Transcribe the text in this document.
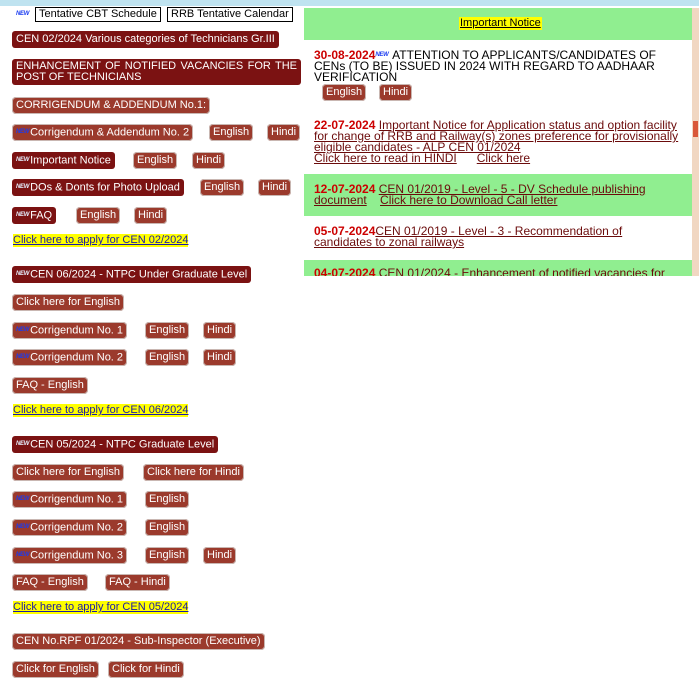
NEW Tentative CBT Schedule	RRB Tentative Calendar
CEN 02/2024 Various categories of Technicians Gr.III
ENHANCEMENT OF NOTIFIED VACANCIES FOR THE POST OF TECHNICIANS
CORRIGENDUM & ADDENDUM No.1:
NEWCorrigendum & Addendum No. 2	English	Hindi
NEWImportant Notice	English	Hindi
NEWDOs & Donts for Photo Upload	English	Hindi
NEWFAQ	English	Hindi
Click here to apply for CEN 02/2024
NEWCEN 06/2024 - NTPC Under Graduate Level
Click here for English
NEWCorrigendum No. 1	English	Hindi
NEWCorrigendum No. 2	English	Hindi
FAQ - English
Click here to apply for CEN 06/2024
NEWCEN 05/2024 - NTPC Graduate Level
Click here for English	Click here for Hindi
NEWCorrigendum No. 1	English
NEWCorrigendum No. 2	English
NEWCorrigendum No. 3	English	Hindi
FAQ - English	FAQ - Hindi
Click here to apply for CEN 05/2024
CEN No.RPF 01/2024 - Sub-Inspector (Executive)
Click for English	Click for Hindi
Important Notice
30-08-2024NEW ATTENTION TO APPLICANTS/CANDIDATES OF CENs (TO BE) ISSUED IN 2024 WITH REGARD TO AADHAAR VERIFICATION
English	Hindi
22-07-2024 Important Notice for Application status and option facility for change of RRB and Railway(s) zones preference for provisionally eligible candidates - ALP CEN 01/2024
Click here to read in HINDI Click here
12-07-2024 CEN 01/2019 - Level - 5 - DV Schedule publishing document Click here to Download Call letter
05-07-2024CEN 01/2019 - Level - 3 - Recommendation of candidates to zonal railways
04-07-2024 CEN 01/2024 - Enhancement of notified vacancies for
